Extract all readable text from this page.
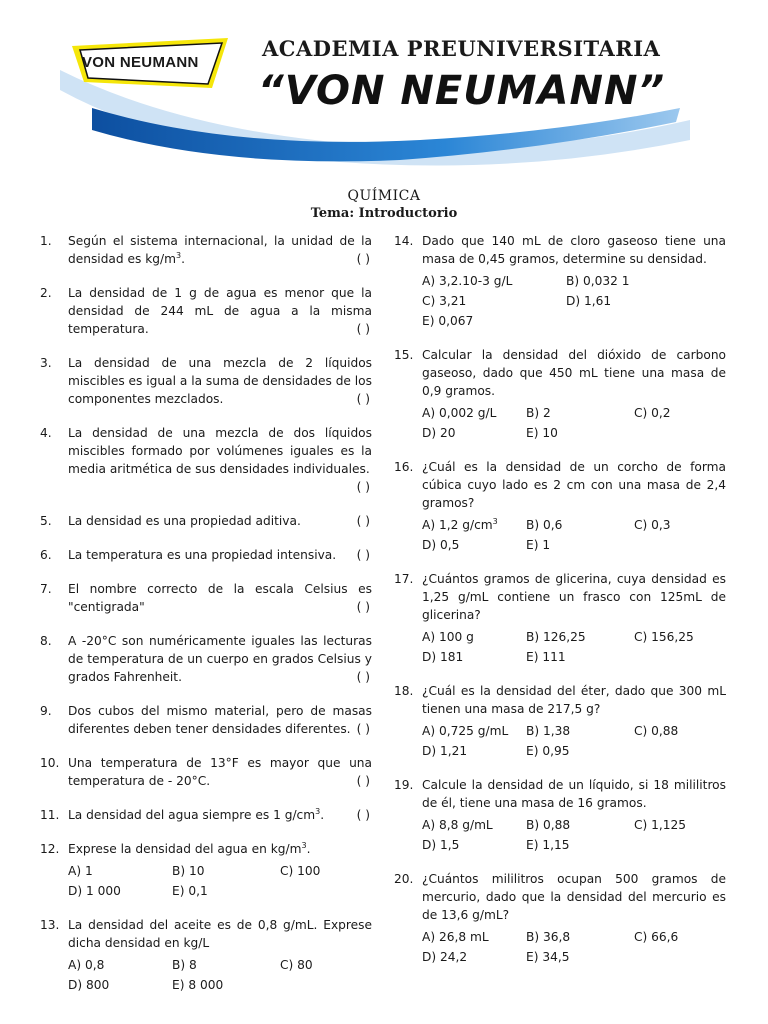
VON NEUMANN
ACADEMIA PREUNIVERSITARIA
“VON NEUMANN”
QUÍMICA
Tema: Introductorio
1.	Según el sistema internacional, la unidad de la densidad es $kg/m^3$.	( )
2.	La densidad de 1 g de agua es menor que la densidad de 244 mL de agua a la misma temperatura.	( )
3.	La densidad de una mezcla de 2 líquidos miscibles es igual a la suma de densidades de los componentes mezclados.	( )
4.	La densidad de una mezcla de dos líquidos miscibles formado por volúmenes iguales es la media aritmética de sus densidades individuales.
( )
5.	La densidad es una propiedad aditiva.	( )
6.	La temperatura es una propiedad intensiva. ( )
7.	El nombre correcto de la escala Celsius es "centigrada"	( )
8.	A -20°C son numéricamente iguales las lecturas de temperatura de un cuerpo en grados Celsius y grados Fahrenheit.	( )
9.	Dos cubos del mismo material, pero de masas diferentes deben tener densidades diferentes. ( )
10. Una temperatura de 13°F es mayor que una temperatura de - 20°C.	( )
11. La densidad del agua siempre es 1 $g/cm^3$.	( )
12. Exprese la densidad del agua en $kg/m^3$.
A) 1	B) 10	C) 100
D) 1 000	E) 0,1
13. La densidad del aceite es de 0,8 g/mL. Exprese dicha densidad en kg/L
A) 0,8	B) 8	C) 80
D) 800	E) 8 000
14. Dado que 140 mL de cloro gaseoso tiene una masa de 0,45 gramos, determine su densidad.
A) 3,2.10-3 g/L	B) 0,032 1
C) 3,21	D) 1,61
E) 0,067
15. Calcular la densidad del dióxido de carbono gaseoso, dado que 450 mL tiene una masa de 0,9 gramos.
A) 0,002 g/L	B) 2	C) 0,2
D) 20	E) 10
16. ¿Cuál es la densidad de un corcho de forma cúbica cuyo lado es 2 cm con una masa de 2,4 gramos?
A) 1,2 $g/cm^3$	B) 0,6	C) 0,3
D) 0,5	E) 1
17. ¿Cuántos gramos de glicerina, cuya densidad es 1,25 g/mL contiene un frasco con 125mL de glicerina?
A) 100 g	B) 126,25	C) 156,25
D) 181	E) 111
18. ¿Cuál es la densidad del éter, dado que 300 mL tienen una masa de 217,5 g?
A) 0,725 g/mL	B) 1,38	C) 0,88
D) 1,21	E) 0,95
19. Calcule la densidad de un líquido, si 18 mililitros de él, tiene una masa de 16 gramos.
A) 8,8 g/mL	B) 0,88	C) 1,125
D) 1,5	E) 1,15
20. ¿Cuántos mililitros ocupan 500 gramos de mercurio, dado que la densidad del mercurio es de 13,6 g/mL?
A) 26,8 mL	B) 36,8	C) 66,6
D) 24,2	E) 34,5
